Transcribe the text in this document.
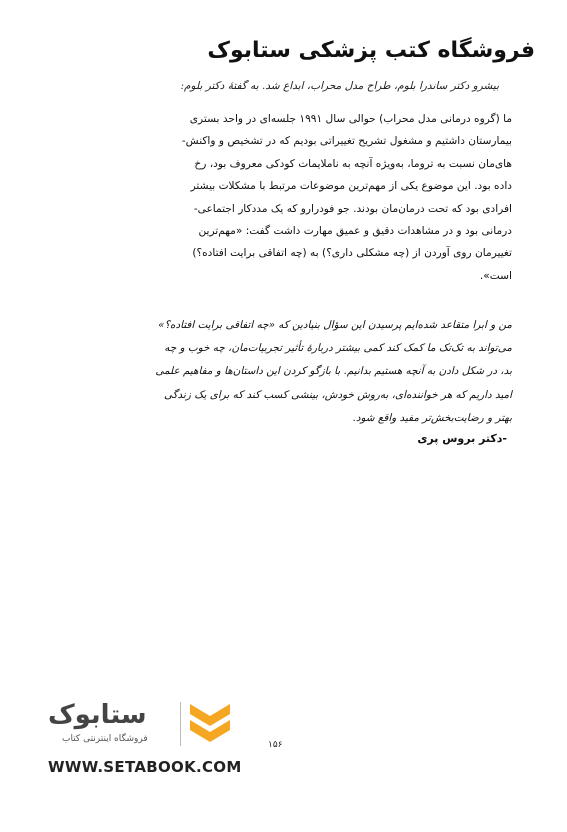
فروشگاه کتب پزشکی ستابوک
بیشرو دکتر ساندرا بلوم، طراح مدل محراب، ابداع شد. به گفتهٔ دکتر بلوم:

ما (گروه درمانی مدل محراب) حوالی سال ۱۹۹۱ جلسه‌ای در واحد بستری

بیمارستان داشتیم و مشغول تشریح تغییراتی بودیم که در تشخیص و واکنش‌-

های‌مان نسبت به تروما، به‌ویژه آنچه به ناملایمات کودکی معروف بود، رخ

داده بود. این موضوع یکی از مهم‌ترین موضوعات مرتبط با مشکلات بیشتر

افرادی بود که تحت درمان‌مان بودند. جو فودرارو که یک مددکار اجتماعی-

درمانی بود و در مشاهدات دقیق و عمیق مهارت داشت گفت: «مهم‌ترین

تغییرمان روی آوردن از (چه مشکلی داری؟) به (چه اتفاقی برایت افتاده؟)

است».

من و ابرا متقاعد شده‌ایم پرسیدن این سؤال بنیادین که «چه اتفاقی برایت افتاده؟»

می‌تواند به تک‌تک ما کمک کند کمی بیشتر دربارهٔ تأثیر تجربیات‌مان، چه خوب و چه

بد، در شکل دادن به آنچه هستیم بدانیم. با بازگو کردن این داستان‌ها و مفاهیم علمی

امید داریم که هر خواننده‌ای، به‌روش خودش، بینشی کسب کند که برای یک زندگی

بهتر و رضایت‌بخش‌تر مفید واقع شود.

-دکتر بروس پری
ستابوک
فروشگاه اینترنتی کتاب
۱۵۶
WWW.SETABOOK.COM
